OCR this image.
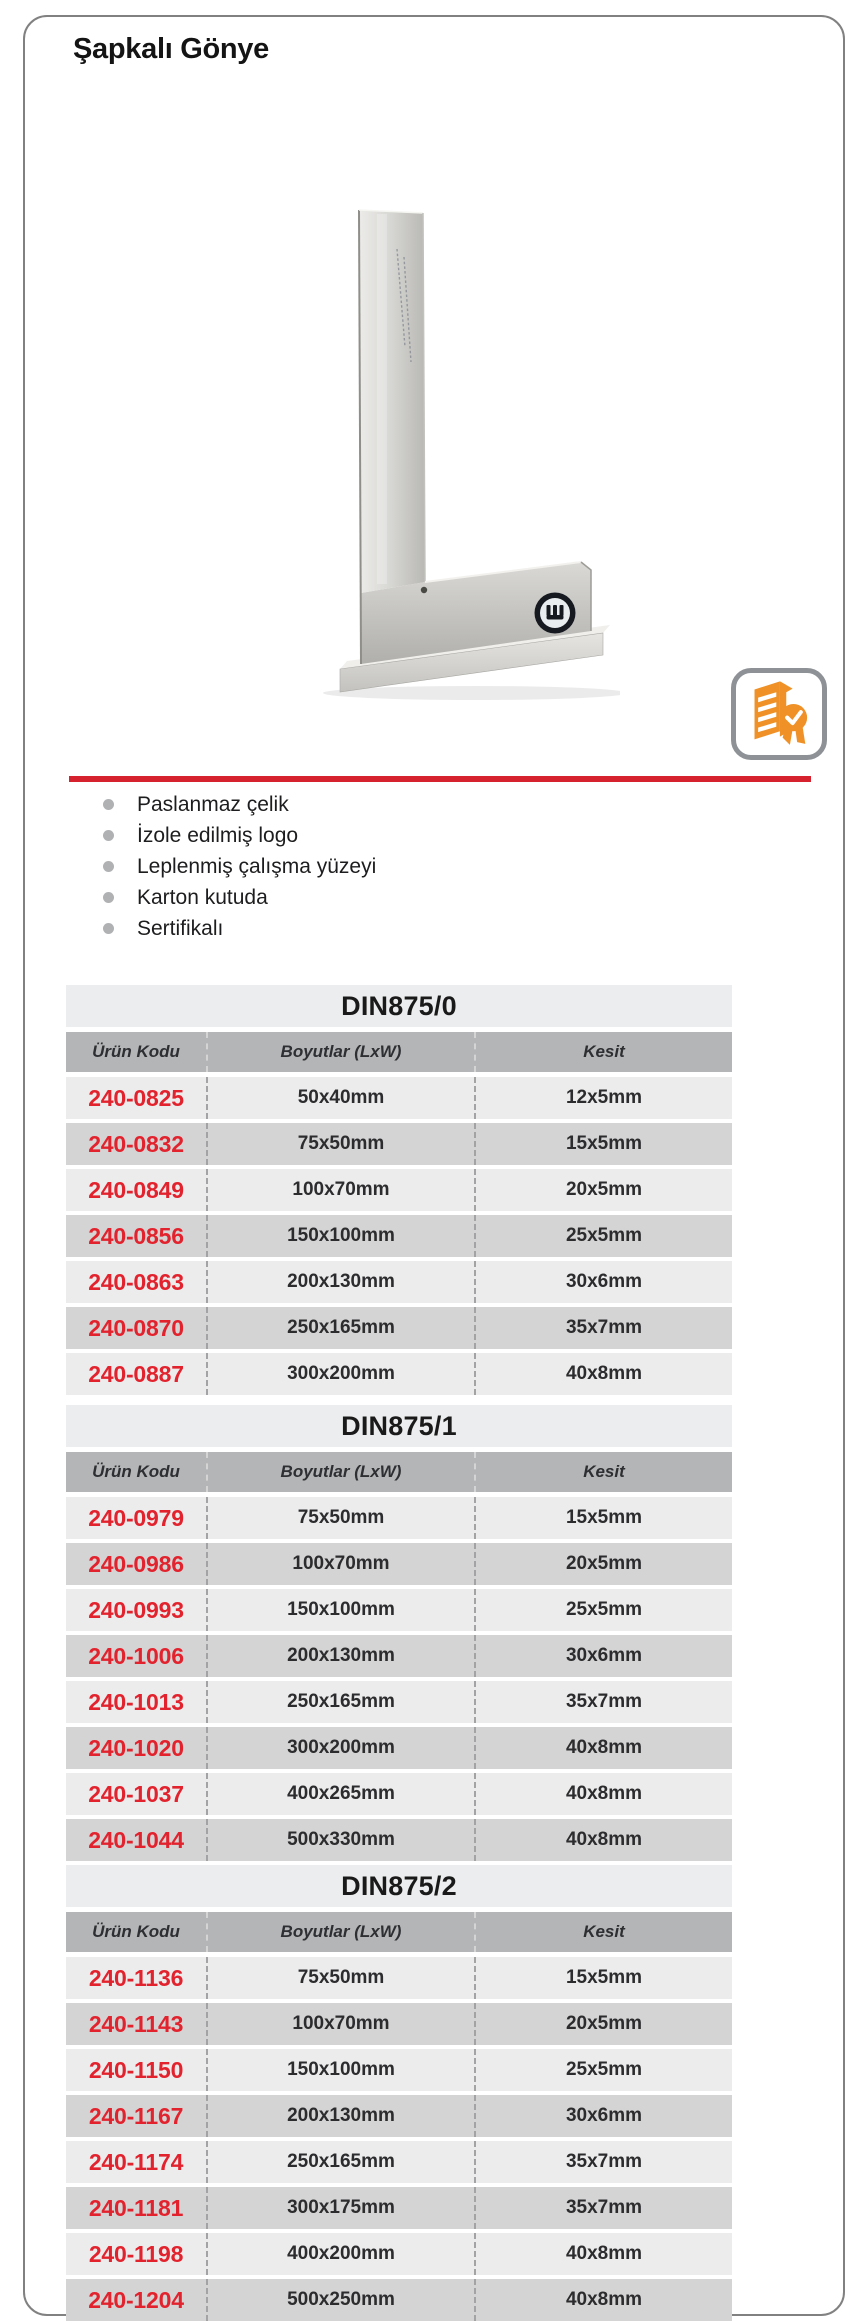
Şapkalı Gönye
Paslanmaz çelik
İzole edilmiş logo
Leplenmiş çalışma yüzeyi
Karton kutuda
Sertifikalı
DIN875/0
Ürün Kodu	Boyutlar (LxW)	Kesit
240-0825	50x40mm	12x5mm
240-0832	75x50mm	15x5mm
240-0849	100x70mm	20x5mm
240-0856	150x100mm	25x5mm
240-0863	200x130mm	30x6mm
240-0870	250x165mm	35x7mm
240-0887	300x200mm	40x8mm
DIN875/1
Ürün Kodu	Boyutlar (LxW)	Kesit
240-0979	75x50mm	15x5mm
240-0986	100x70mm	20x5mm
240-0993	150x100mm	25x5mm
240-1006	200x130mm	30x6mm
240-1013	250x165mm	35x7mm
240-1020	300x200mm	40x8mm
240-1037	400x265mm	40x8mm
240-1044	500x330mm	40x8mm
DIN875/2
Ürün Kodu	Boyutlar (LxW)	Kesit
240-1136	75x50mm	15x5mm
240-1143	100x70mm	20x5mm
240-1150	150x100mm	25x5mm
240-1167	200x130mm	30x6mm
240-1174	250x165mm	35x7mm
240-1181	300x175mm	35x7mm
240-1198	400x200mm	40x8mm
240-1204	500x250mm	40x8mm
